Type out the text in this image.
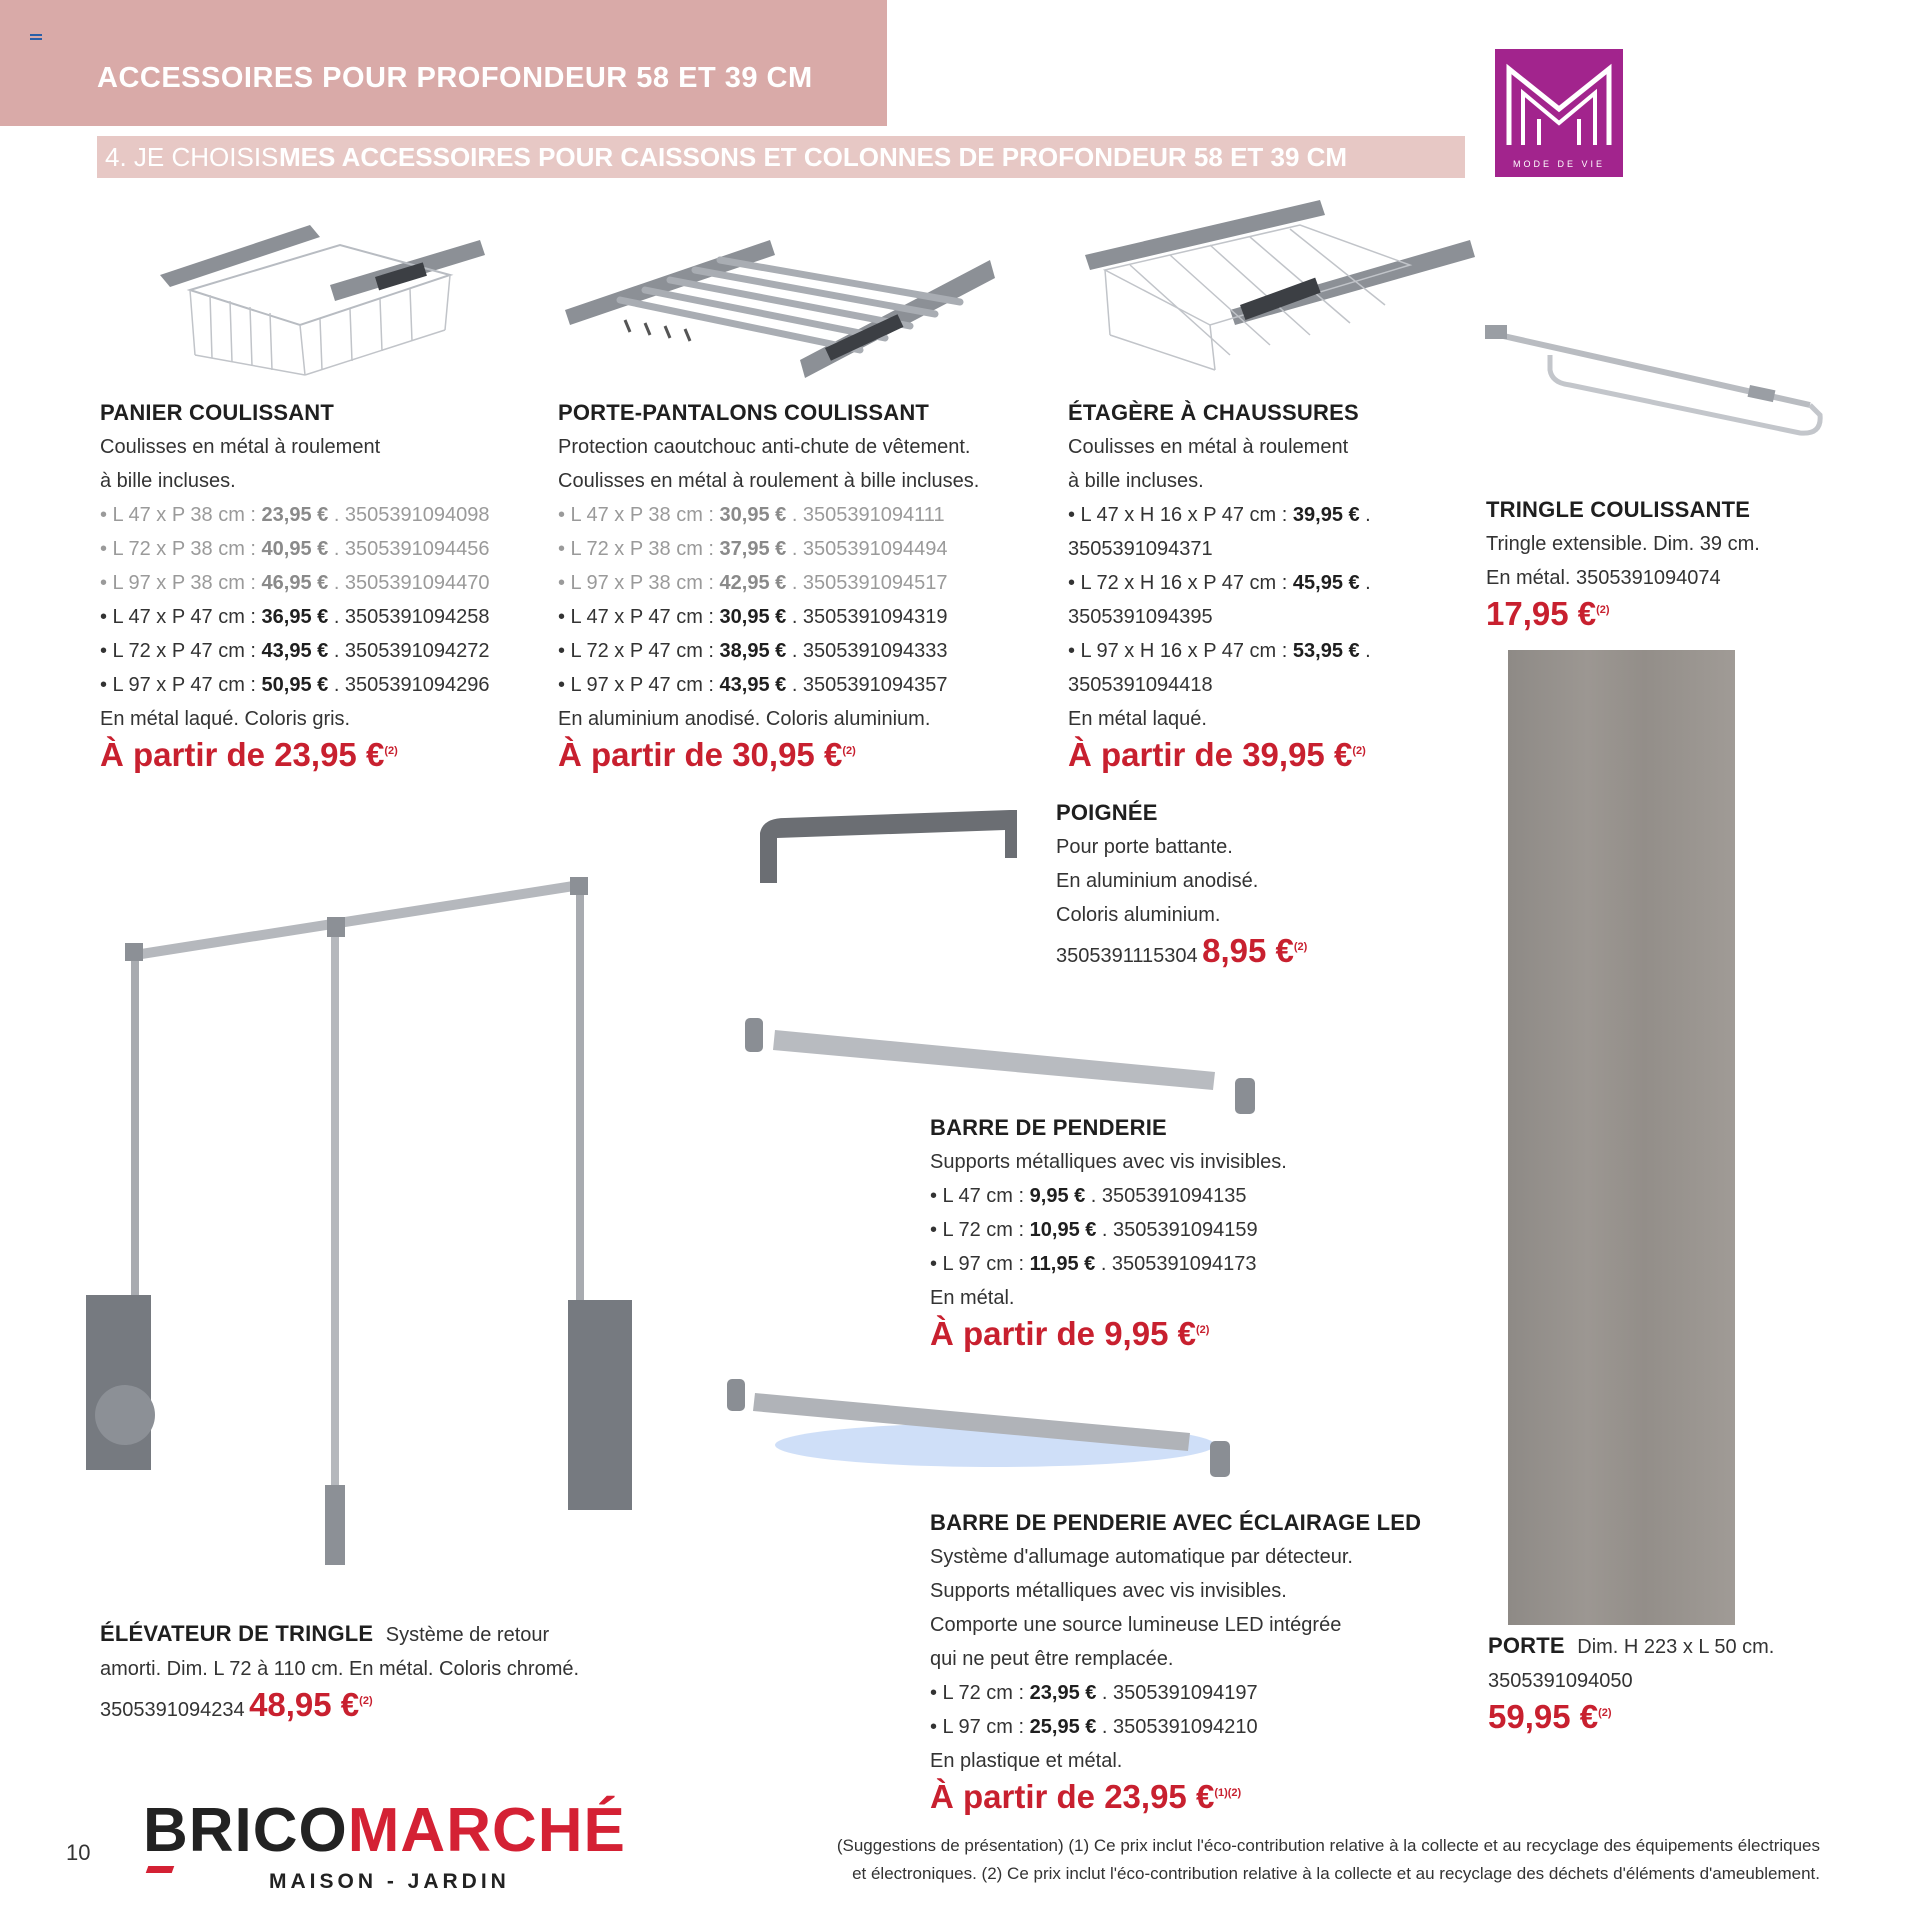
ACCESSOIRES POUR PROFONDEUR 58 ET 39 CM
4. JE CHOISIS MES ACCESSOIRES POUR CAISSONS ET COLONNES DE PROFONDEUR 58 ET 39 CM	MODE DE VIE
PANIER COULISSANT
Coulisses en métal à roulement
à bille incluses.
• L 47 x P 38 cm : 23,95 € . 3505391094098
• L 72 x P 38 cm : 40,95 € . 3505391094456
• L 97 x P 38 cm : 46,95 € . 3505391094470
• L 47 x P 47 cm : 36,95 € . 3505391094258
• L 72 x P 47 cm : 43,95 € . 3505391094272
• L 97 x P 47 cm : 50,95 € . 3505391094296
En métal laqué. Coloris gris.
À partir de 23,95 €$^{(2)}$
PORTE-PANTALONS COULISSANT
Protection caoutchouc anti-chute de vêtement.
Coulisses en métal à roulement à bille incluses.
• L 47 x P 38 cm : 30,95 € . 3505391094111
• L 72 x P 38 cm : 37,95 € . 3505391094494
• L 97 x P 38 cm : 42,95 € . 3505391094517
• L 47 x P 47 cm : 30,95 € . 3505391094319
• L 72 x P 47 cm : 38,95 € . 3505391094333
• L 97 x P 47 cm : 43,95 € . 3505391094357
En aluminium anodisé. Coloris aluminium.
À partir de 30,95 €$^{(2)}$
ÉTAGÈRE À CHAUSSURES
Coulisses en métal à roulement
à bille incluses.
• L 47 x H 16 x P 47 cm : 39,95 € .
3505391094371
• L 72 x H 16 x P 47 cm : 45,95 € .
3505391094395
• L 97 x H 16 x P 47 cm : 53,95 € .
3505391094418
En métal laqué.
À partir de 39,95 €$^{(2)}$
TRINGLE COULISSANTE
Tringle extensible. Dim. 39 cm.
En métal. 3505391094074
17,95 €$^{(2)}$
POIGNÉE
Pour porte battante.
En aluminium anodisé.
Coloris aluminium.
3505391115304 8,95 €$^{(2)}$
BARRE DE PENDERIE
Supports métalliques avec vis invisibles.
• L 47 cm : 9,95 € . 3505391094135
• L 72 cm : 10,95 € . 3505391094159
• L 97 cm : 11,95 € . 3505391094173
En métal.
À partir de 9,95 €$^{(2)}$
BARRE DE PENDERIE AVEC ÉCLAIRAGE LED
Système d'allumage automatique par détecteur.
Supports métalliques avec vis invisibles.
Comporte une source lumineuse LED intégrée
qui ne peut être remplacée.
• L 72 cm : 23,95 € . 3505391094197
• L 97 cm : 25,95 € . 3505391094210
En plastique et métal.
À partir de 23,95 €$^{(1)(2)}$
ÉLÉVATEUR DE TRINGLE Système de retour
amorti. Dim. L 72 à 110 cm. En métal. Coloris chromé.
3505391094234 48,95 €$^{(2)}$
PORTE Dim. H 223 x L 50 cm.
3505391094050
59,95 €$^{(2)}$
10 BRICOMARCHÉ
MAISON - JARDIN
(Suggestions de présentation) (1) Ce prix inclut l'éco-contribution relative à la collecte et au recyclage des équipements électriques
et électroniques. (2) Ce prix inclut l'éco-contribution relative à la collecte et au recyclage des déchets d'éléments d'ameublement.
